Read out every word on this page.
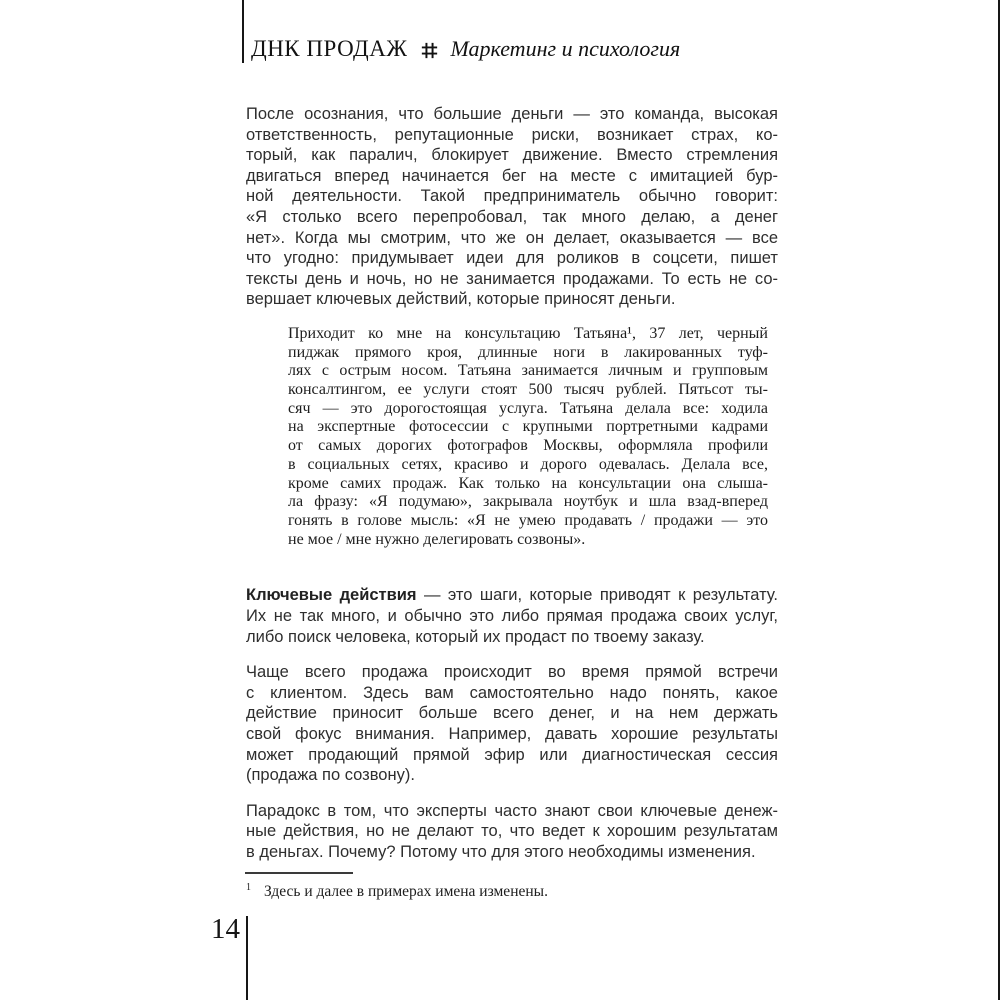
ДНК ПРОДАЖ Маркетинг и психология
После осознания, что большие деньги — это команда, высокая
ответственность, репутационные риски, возникает страх, ко-
торый, как паралич, блокирует движение. Вместо стремления
двигаться вперед начинается бег на месте с имитацией бур-
ной деятельности. Такой предприниматель обычно говорит:
«Я столько всего перепробовал, так много делаю, а денег
нет». Когда мы смотрим, что же он делает, оказывается — все
что угодно: придумывает идеи для роликов в соцсети, пишет
тексты день и ночь, но не занимается продажами. То есть не со-
вершает ключевых действий, которые приносят деньги.
Приходит ко мне на консультацию Татьяна¹, 37 лет, черный
пиджак прямого кроя, длинные ноги в лакированных туф-
лях с острым носом. Татьяна занимается личным и групповым
консалтингом, ее услуги стоят 500 тысяч рублей. Пятьсот ты-
сяч — это дорогостоящая услуга. Татьяна делала все: ходила
на экспертные фотосессии с крупными портретными кадрами
от самых дорогих фотографов Москвы, оформляла профили
в социальных сетях, красиво и дорого одевалась. Делала все,
кроме самих продаж. Как только на консультации она слыша-
ла фразу: «Я подумаю», закрывала ноутбук и шла взад-вперед
гонять в голове мысль: «Я не умею продавать / продажи — это
не мое / мне нужно делегировать созвоны».
Ключевые действия — это шаги, которые приводят к результату.
Их не так много, и обычно это либо прямая продажа своих услуг,
либо поиск человека, который их продаст по твоему заказу.
Чаще всего продажа происходит во время прямой встречи
с клиентом. Здесь вам самостоятельно надо понять, какое
действие приносит больше всего денег, и на нем держать
свой фокус внимания. Например, давать хорошие результаты
может продающий прямой эфир или диагностическая сессия
(продажа по созвону).
Парадокс в том, что эксперты часто знают свои ключевые денеж-
ные действия, но не делают то, что ведет к хорошим результатам
в деньгах. Почему? Потому что для этого необходимы изменения.
$^1$ Здесь и далее в примерах имена изменены.
14
